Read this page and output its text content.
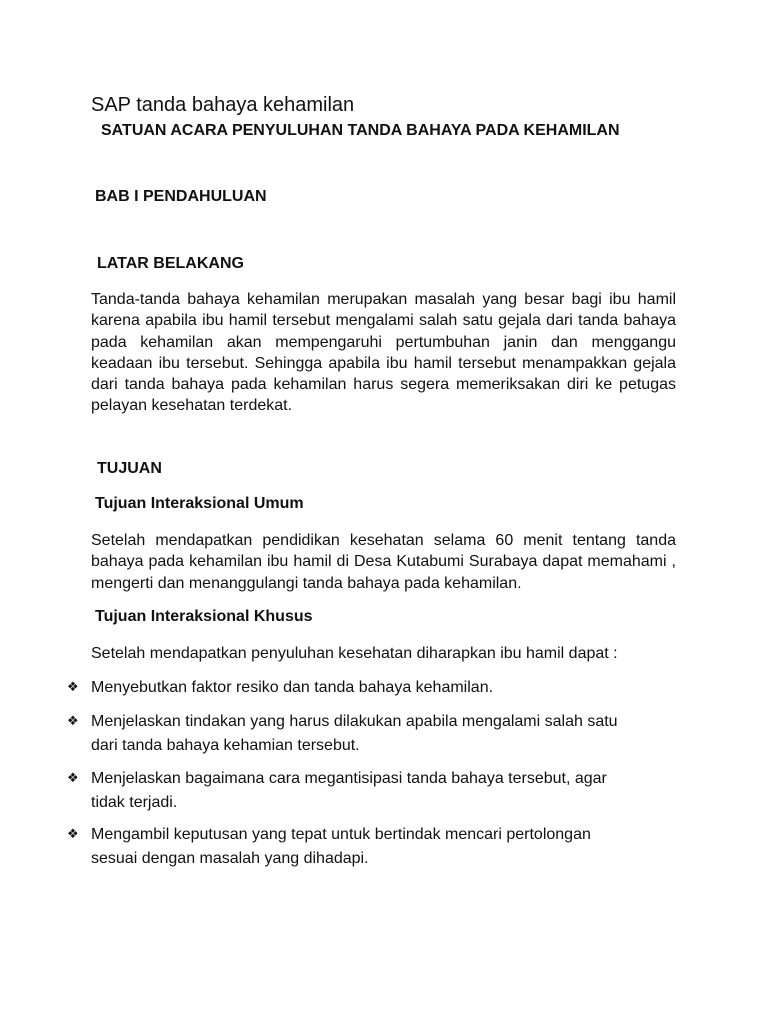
SAP tanda bahaya kehamilan
SATUAN ACARA PENYULUHAN TANDA BAHAYA PADA KEHAMILAN
BAB I PENDAHULUAN
LATAR BELAKANG
Tanda-tanda bahaya kehamilan merupakan masalah yang besar bagi ibu hamil karena apabila ibu hamil tersebut mengalami salah satu gejala dari tanda bahaya pada kehamilan akan mempengaruhi pertumbuhan janin dan menggangu keadaan ibu tersebut. Sehingga apabila ibu hamil tersebut menampakkan gejala dari tanda bahaya pada kehamilan harus segera memeriksakan diri ke petugas pelayan kesehatan terdekat.
TUJUAN
Tujuan Interaksional Umum
Setelah mendapatkan pendidikan kesehatan selama 60 menit tentang tanda bahaya pada kehamilan ibu hamil di Desa Kutabumi Surabaya dapat memahami , mengerti dan menanggulangi tanda bahaya pada kehamilan.
Tujuan Interaksional Khusus
Setelah mendapatkan penyuluhan kesehatan diharapkan ibu hamil dapat :
❖ Menyebutkan faktor resiko dan tanda bahaya kehamilan.
❖ Menjelaskan tindakan yang harus dilakukan apabila mengalami salah satu
dari tanda bahaya kehamian tersebut.
❖ Menjelaskan bagaimana cara megantisipasi tanda bahaya tersebut, agar
tidak terjadi.
❖ Mengambil keputusan yang tepat untuk bertindak mencari pertolongan
sesuai dengan masalah yang dihadapi.
